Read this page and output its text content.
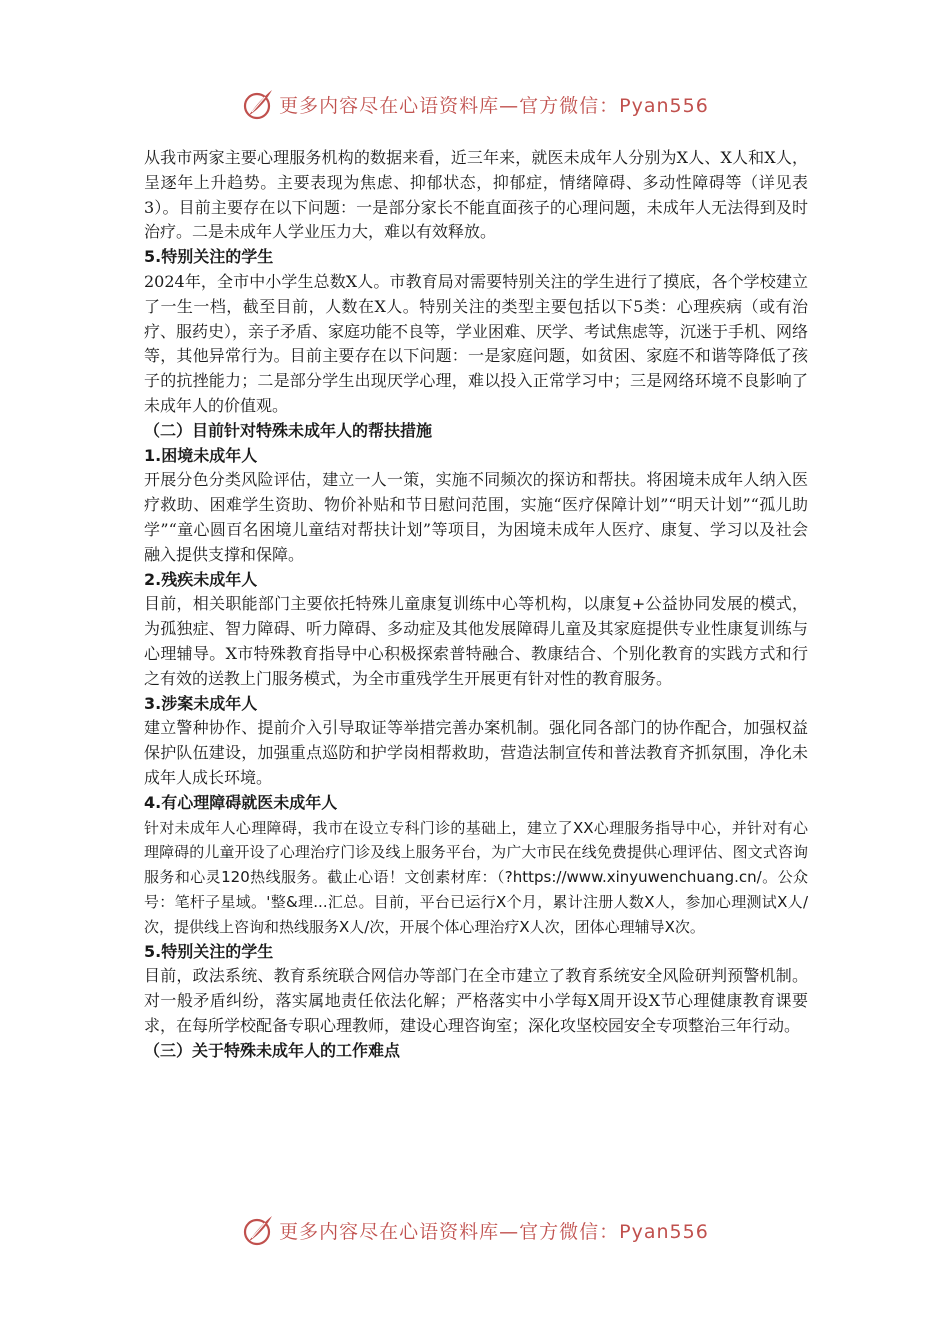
更多内容尽在心语资料库—官方微信：Pyan556

从我市两家主要心理服务机构的数据来看，近三年来，就医未成年人分别为X人、X人和X人，呈逐年上升趋势。主要表现为焦虑、抑郁状态，抑郁症，情绪障碍、多动性障碍等（详见表3）。目前主要存在以下问题：一是部分家长不能直面孩子的心理问题，未成年人无法得到及时治疗。二是未成年人学业压力大，难以有效释放。

5.特别关注的学生

2024年，全市中小学生总数X人。市教育局对需要特别关注的学生进行了摸底，各个学校建立了一生一档，截至目前，人数在X人。特别关注的类型主要包括以下5类：心理疾病（或有治疗、服药史），亲子矛盾、家庭功能不良等，学业困难、厌学、考试焦虑等，沉迷于手机、网络等，其他异常行为。目前主要存在以下问题：一是家庭问题，如贫困、家庭不和谐等降低了孩子的抗挫能力；二是部分学生出现厌学心理，难以投入正常学习中；三是网络环境不良影响了未成年人的价值观。

（二）目前针对特殊未成年人的帮扶措施

1.困境未成年人

开展分色分类风险评估，建立一人一策，实施不同频次的探访和帮扶。将困境未成年人纳入医疗救助、困难学生资助、物价补贴和节日慰问范围，实施“医疗保障计划”“明天计划”“孤儿助学”“童心圆百名困境儿童结对帮扶计划”等项目，为困境未成年人医疗、康复、学习以及社会融入提供支撑和保障。

2.残疾未成年人

目前，相关职能部门主要依托特殊儿童康复训练中心等机构，以康复+公益协同发展的模式，为孤独症、智力障碍、听力障碍、多动症及其他发展障碍儿童及其家庭提供专业性康复训练与心理辅导。X市特殊教育指导中心积极探索普特融合、教康结合、个别化教育的实践方式和行之有效的送教上门服务模式，为全市重残学生开展更有针对性的教育服务。

3.涉案未成年人

建立警种协作、提前介入引导取证等举措完善办案机制。强化同各部门的协作配合，加强权益保护队伍建设，加强重点巡防和护学岗相帮救助，营造法制宣传和普法教育齐抓氛围，净化未成年人成长环境。

4.有心理障碍就医未成年人

针对未成年人心理障碍，我市在设立专科门诊的基础上，建立了XX心理服务指导中心，并针对有心理障碍的儿童开设了心理治疗门诊及线上服务平台，为广大市民在线免费提供心理评估、图文式咨询服务和心灵120热线服务。截止心语！文创素材库：（?https://www.xinyuwenchuang.cn/。公众号：笔杆子星域。'整&理...汇总。目前，平台已运行X个月，累计注册人数X人，参加心理测试X人/次，提供线上咨询和热线服务X人/次，开展个体心理治疗X人次，团体心理辅导X次。

5.特别关注的学生

目前，政法系统、教育系统联合网信办等部门在全市建立了教育系统安全风险研判预警机制。对一般矛盾纠纷，落实属地责任依法化解；严格落实中小学每X周开设X节心理健康教育课要求，在每所学校配备专职心理教师，建设心理咨询室；深化攻坚校园安全专项整治三年行动。

（三）关于特殊未成年人的工作难点

更多内容尽在心语资料库—官方微信：Pyan556
